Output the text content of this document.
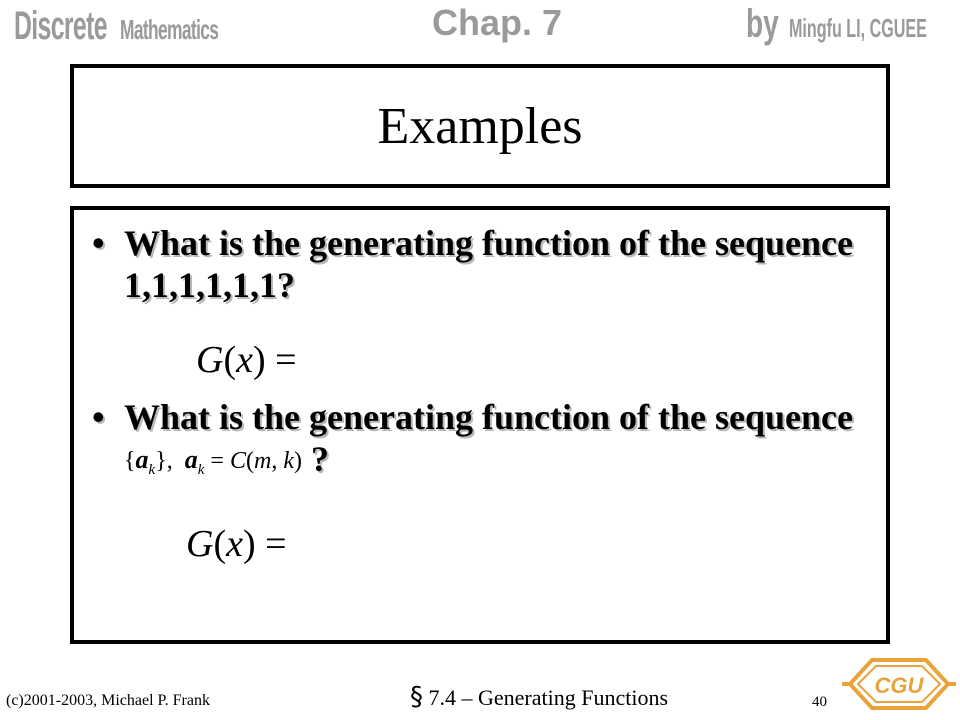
Discrete Mathematics	Chap. 7	by Mingfu LI, CGUEE
Examples
• What is the generating function of the sequence 1,1,1,1,1,1?
G(x) =
• What is the generating function of the sequence $\{a_k\}$, $a_k = C(m$, k) ?
G(x) =
(c)2001-2003, Michael P. Frank	§ 7.4 – Generating Functions	40
CGU
